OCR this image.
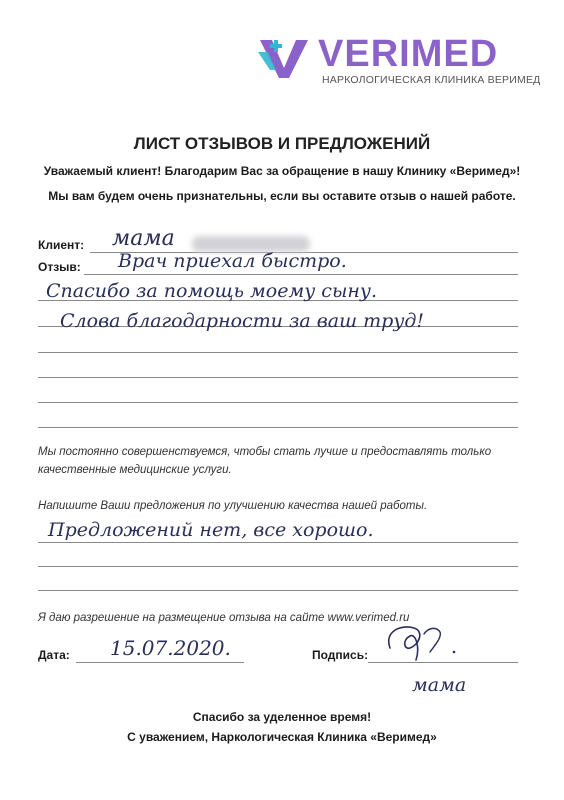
VERIMED
НАРКОЛОГИЧЕСКАЯ КЛИНИКА ВЕРИМЕД
ЛИСТ ОТЗЫВОВ И ПРЕДЛОЖЕНИЙ
Уважаемый клиент! Благодарим Вас за обращение в нашу Клинику «Веримед»!
Мы вам будем очень признательны, если вы оставите отзыв о нашей работе.
Клиент: мама
Отзыв: Врач приехал быстро.
Спасибо за помощь моему сыну.
Слова благодарности за ваш труд!
Мы постоянно совершенствуемся, чтобы стать лучше и предоставлять только
качественные медицинские услуги.
Напишите Ваши предложения по улучшению качества нашей работы.
Предложений нет, все хорошо.
Я даю разрешение на размещение отзыва на сайте www.verimed.ru
Дата: 15.07.2020.	Подпись:
мама
Спасибо за уделенное время!
С уважением, Наркологическая Клиника «Веримед»
